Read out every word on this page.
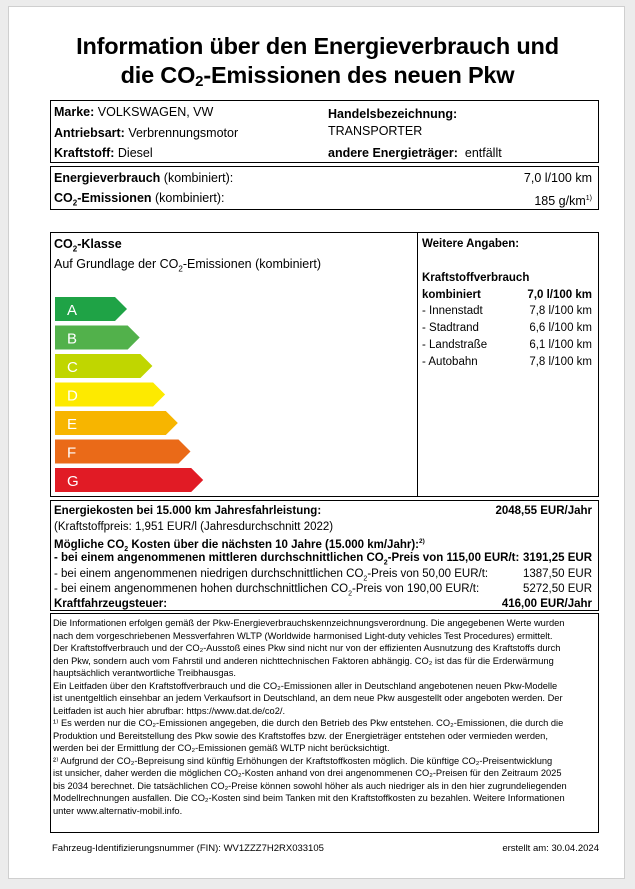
Information über den Energieverbrauch und
die $CO_2$-Emissionen des neuen Pkw
Marke: VOLKSWAGEN, VW
Antriebsart: Verbrennungsmotor
Kraftstoff: Diesel
Handelsbezeichnung:
TRANSPORTER
andere Energieträger: entfällt
Energieverbrauch (kombiniert):	7,0 l/100 km
$CO_2$-Emissionen (kombiniert):	185 $g/km^{1)}$
$CO_2$-Klasse
Auf Grundlage der $CO_2$-Emissionen (kombiniert)
A
B
C
D
E
F
G
Weitere Angaben:
Kraftstoffverbrauch
kombiniert	7,0 l/100 km
- Innenstadt	7,8 l/100 km
- Stadtrand	6,6 l/100 km
- Landstraße	6,1 l/100 km
- Autobahn	7,8 l/100 km
Energiekosten bei 15.000 km Jahresfahrleistung:	2048,55 EUR/Jahr
(Kraftstoffpreis: 1,951 EUR/l (Jahresdurchschnitt 2022)
Mögliche $CO_2$ Kosten über die nächsten 10 Jahre (15.000 km/Jahr):$^{2)}$
- bei einem angenommenen mittleren durchschnittlichen $CO_2$-Preis von 115,00 EUR/t: 3191,25 EUR
- bei einem angenommenen niedrigen durchschnittlichen $CO_2$-Preis von 50,00 EUR/t:	1387,50 EUR
- bei einem angenommenen hohen durchschnittlichen $CO_2$-Preis von 190,00 EUR/t:	5272,50 EUR
Kraftfahrzeugsteuer:	416,00 EUR/Jahr
Die Informationen erfolgen gemäß der Pkw-Energieverbrauchskennzeichnungsverordnung. Die angegebenen Werte wurden
nach dem vorgeschriebenen Messverfahren WLTP (Worldwide harmonised Light-duty vehicles Test Procedures) ermittelt.
Der Kraftstoffverbrauch und der CO₂-Ausstoß eines Pkw sind nicht nur von der effizienten Ausnutzung des Kraftstoffs durch
den Pkw, sondern auch vom Fahrstil und anderen nichttechnischen Faktoren abhängig. CO₂ ist das für die Erderwärmung
hauptsächlich verantwortliche Treibhausgas.
Ein Leitfaden über den Kraftstoffverbrauch und die CO₂-Emissionen aller in Deutschland angebotenen neuen Pkw-Modelle
ist unentgeltlich einsehbar an jedem Verkaufsort in Deutschland, an dem neue Pkw ausgestellt oder angeboten werden. Der
Leitfaden ist auch hier abrufbar: https://www.dat.de/co2/.
¹⁾ Es werden nur die CO₂-Emissionen angegeben, die durch den Betrieb des Pkw entstehen. CO₂-Emissionen, die durch die
Produktion und Bereitstellung des Pkw sowie des Kraftstoffes bzw. der Energieträger entstehen oder vermieden werden,
werden bei der Ermittlung der CO₂-Emissionen gemäß WLTP nicht berücksichtigt.
²⁾ Aufgrund der CO₂-Bepreisung sind künftig Erhöhungen der Kraftstoffkosten möglich. Die künftige CO₂-Preisentwicklung
ist unsicher, daher werden die möglichen CO₂-Kosten anhand von drei angenommenen CO₂-Preisen für den Zeitraum 2025
bis 2034 berechnet. Die tatsächlichen CO₂-Preise können sowohl höher als auch niedriger als in den hier zugrundeliegenden
Modellrechnungen ausfallen. Die CO₂-Kosten sind beim Tanken mit den Kraftstoffkosten zu bezahlen. Weitere Informationen
unter www.alternativ-mobil.info.
Fahrzeug-Identifizierungsnummer (FIN): WV1ZZZ7H2RX033105	erstellt am: 30.04.2024
